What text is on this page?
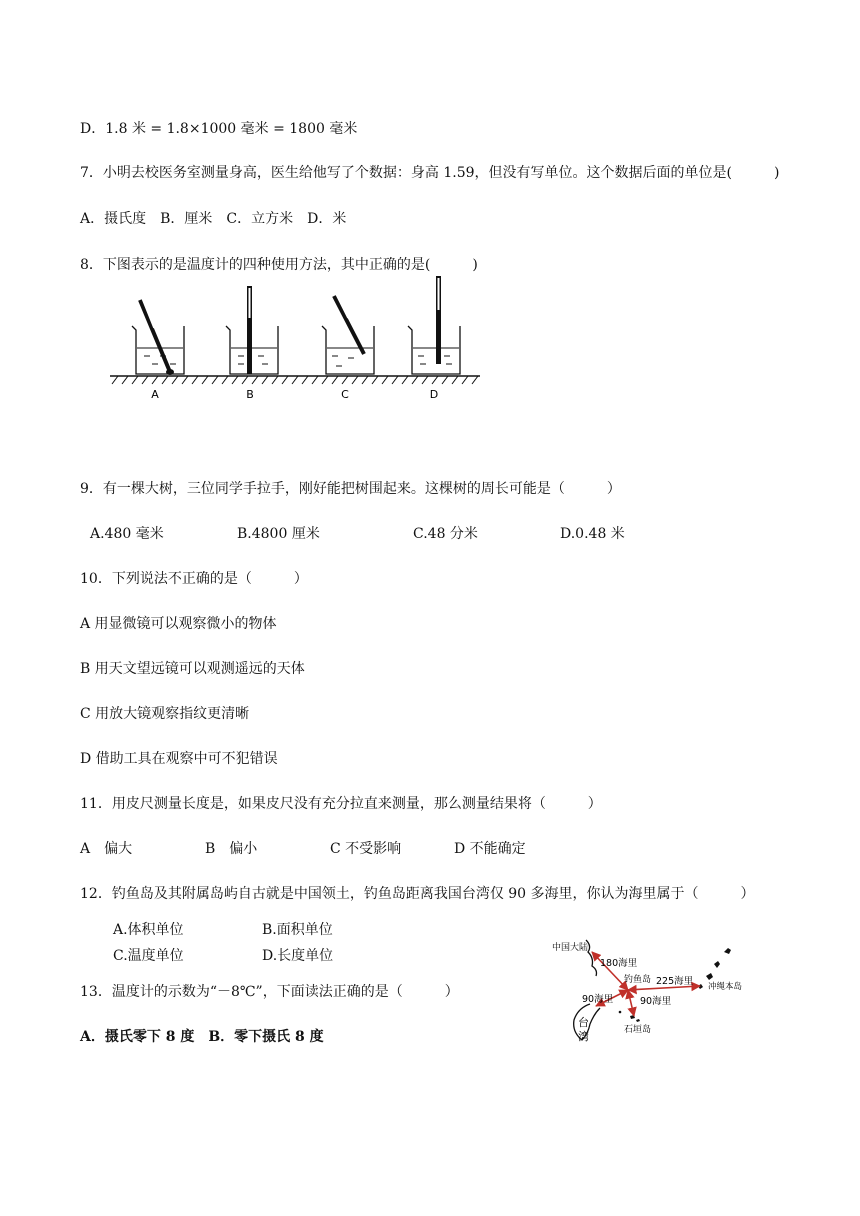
D．1.8 米 = 1.8×1000 毫米 = 1800 毫米
7．小明去校医务室测量身高，医生给他写了个数据：身高 1.59，但没有写单位。这个数据后面的单位是(　　　)
A．摄氏度　B．厘米　C．立方米　D．米
8．下图表示的是温度计的四种使用方法，其中正确的是(　　　)
A	B	C	D
9．有一棵大树，三位同学手拉手，刚好能把树围起来。这棵树的周长可能是（　　　）
A.480 毫米	B.4800 厘米	C.48 分米	D.0.48 米
10．下列说法不正确的是（　　　）
A 用显微镜可以观察微小的物体
B 用天文望远镜可以观测遥远的天体
C 用放大镜观察指纹更清晰
D 借助工具在观察中可不犯错误
11．用皮尺测量长度是，如果皮尺没有充分拉直来测量，那么测量结果将（　　　）
A　偏大	B　偏小	C 不受影响	D 不能确定
12．钓鱼岛及其附属岛屿自古就是中国领土，钓鱼岛距离我国台湾仅 90 多海里，你认为海里属于（　　　）
A.体积单位	B.面积单位
C.温度单位	D.长度单位	中国大陆
180海里
钓鱼岛 225海里 冲绳本岛
90海里	90海里
石垣岛
台
湾
13．温度计的示数为“－8℃”，下面读法正确的是（　　　）
A．摄氏零下 8 度　B．零下摄氏 8 度
